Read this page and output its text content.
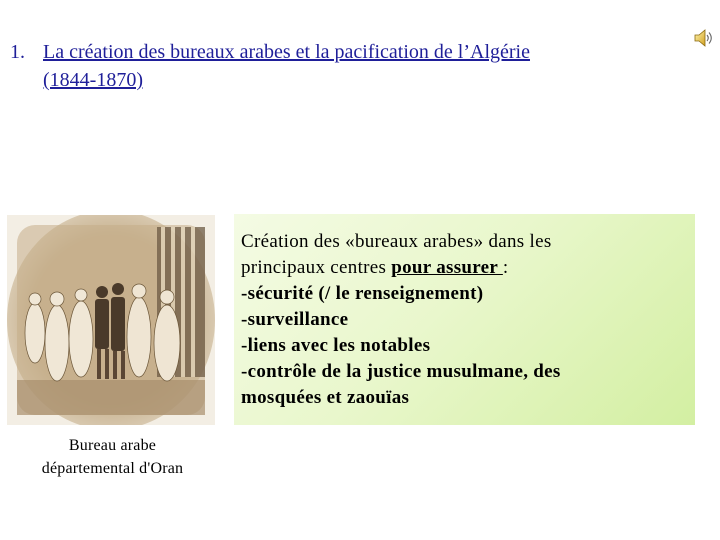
1. La création des bureaux arabes et la pacification de l’Algérie
(1844-1870)
Bureau arabe
départemental d'Oran
Création des «bureaux arabes» dans les
principaux centres pour assurer :
-sécurité (/ le renseignement)
-surveillance
-liens avec les notables
-contrôle de la justice musulmane, des
mosquées et zaouïas
